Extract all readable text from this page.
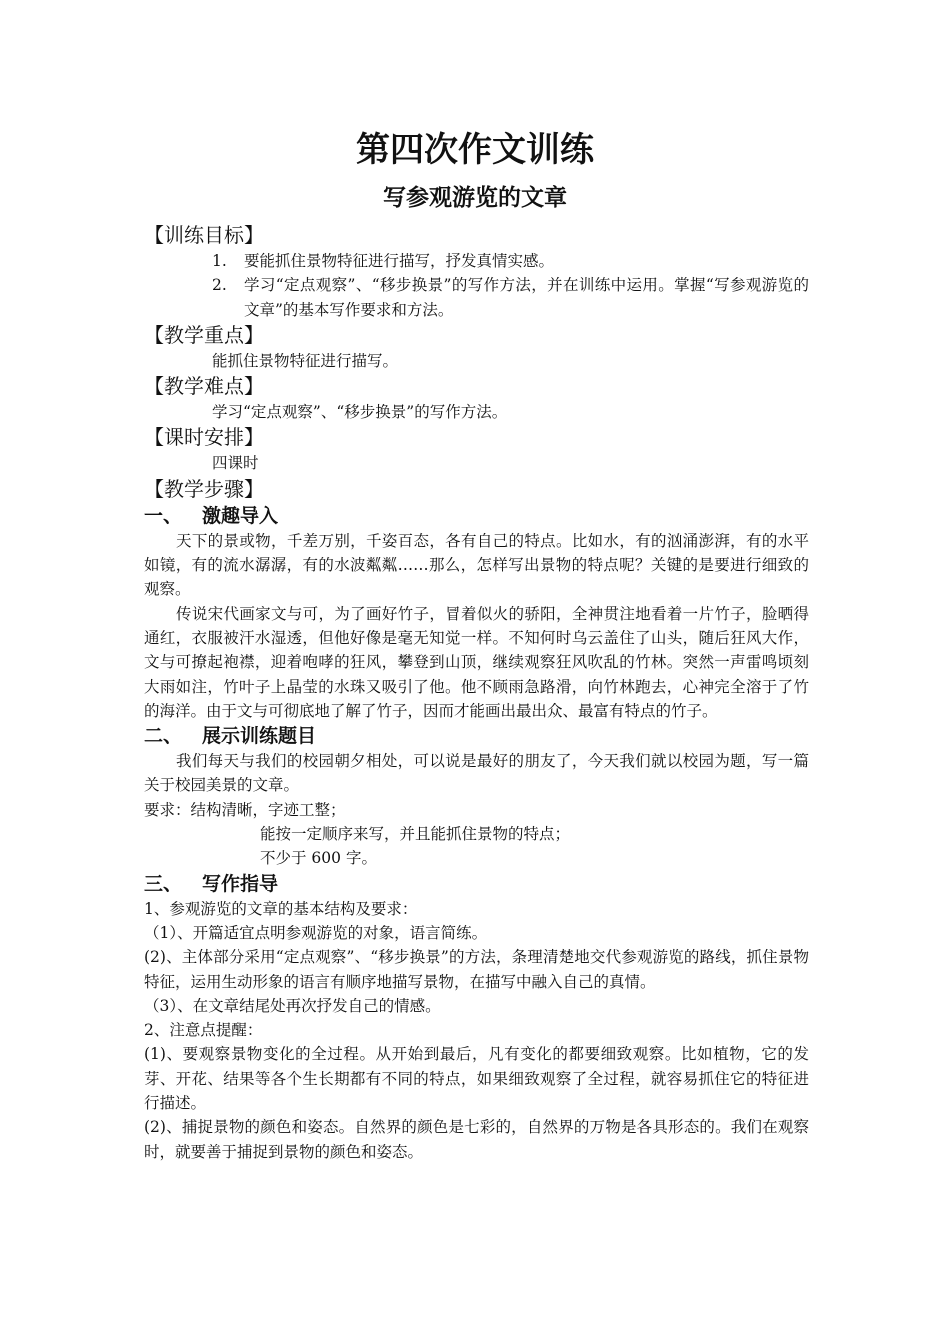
第四次作文训练
写参观游览的文章
【训练目标】
1. 要能抓住景物特征进行描写，抒发真情实感。
2. 学习“定点观察”、“移步换景”的写作方法，并在训练中运用。掌握“写参观游览的文章”的基本写作要求和方法。
【教学重点】
能抓住景物特征进行描写。
【教学难点】
学习“定点观察”、“移步换景”的写作方法。
【课时安排】
四课时
【教学步骤】
一、 激趣导入
天下的景或物，千差万别，千姿百态，各有自己的特点。比如水，有的汹涌澎湃，有的水平如镜，有的流水潺潺，有的水波粼粼……那么，怎样写出景物的特点呢？关键的是要进行细致的观察。
传说宋代画家文与可，为了画好竹子，冒着似火的骄阳，全神贯注地看着一片竹子，脸晒得通红，衣服被汗水湿透，但他好像是毫无知觉一样。不知何时乌云盖住了山头，随后狂风大作，文与可撩起袍襟，迎着咆哮的狂风，攀登到山顶，继续观察狂风吹乱的竹林。突然一声雷鸣顷刻大雨如注，竹叶子上晶莹的水珠又吸引了他。他不顾雨急路滑，向竹林跑去，心神完全溶于了竹的海洋。由于文与可彻底地了解了竹子，因而才能画出最出众、最富有特点的竹子。
二、 展示训练题目
我们每天与我们的校园朝夕相处，可以说是最好的朋友了，今天我们就以校园为题，写一篇关于校园美景的文章。
要求：结构清晰，字迹工整；
能按一定顺序来写，并且能抓住景物的特点；
不少于 600 字。
三、 写作指导
1、参观游览的文章的基本结构及要求：
（1）、开篇适宜点明参观游览的对象，语言简练。
(2)、主体部分采用“定点观察”、“移步换景”的方法，条理清楚地交代参观游览的路线，抓住景物特征，运用生动形象的语言有顺序地描写景物，在描写中融入自己的真情。
（3）、在文章结尾处再次抒发自己的情感。
2、注意点提醒：
(1)、要观察景物变化的全过程。从开始到最后，凡有变化的都要细致观察。比如植物，它的发芽、开花、结果等各个生长期都有不同的特点，如果细致观察了全过程，就容易抓住它的特征进行描述。
(2)、捕捉景物的颜色和姿态。自然界的颜色是七彩的，自然界的万物是各具形态的。我们在观察时，就要善于捕捉到景物的颜色和姿态。
